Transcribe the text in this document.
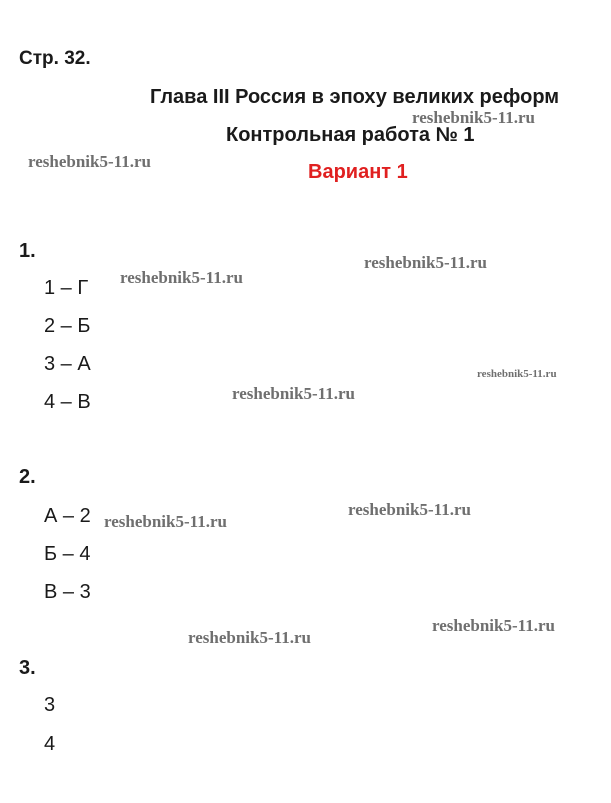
Стр. 32.
Глава III Россия в эпоху великих реформ
Контрольная работа № 1
Вариант 1
1.
1 – Г
2 – Б
3 – А
4 – В
2.
А – 2
Б – 4
В – 3
3.
3
4
reshebnik5-11.ru
reshebnik5-11.ru
reshebnik5-11.ru
reshebnik5-11.ru
reshebnik5-11.ru
reshebnik5-11.ru
reshebnik5-11.ru
reshebnik5-11.ru
reshebnik5-11.ru
reshebnik5-11.ru
